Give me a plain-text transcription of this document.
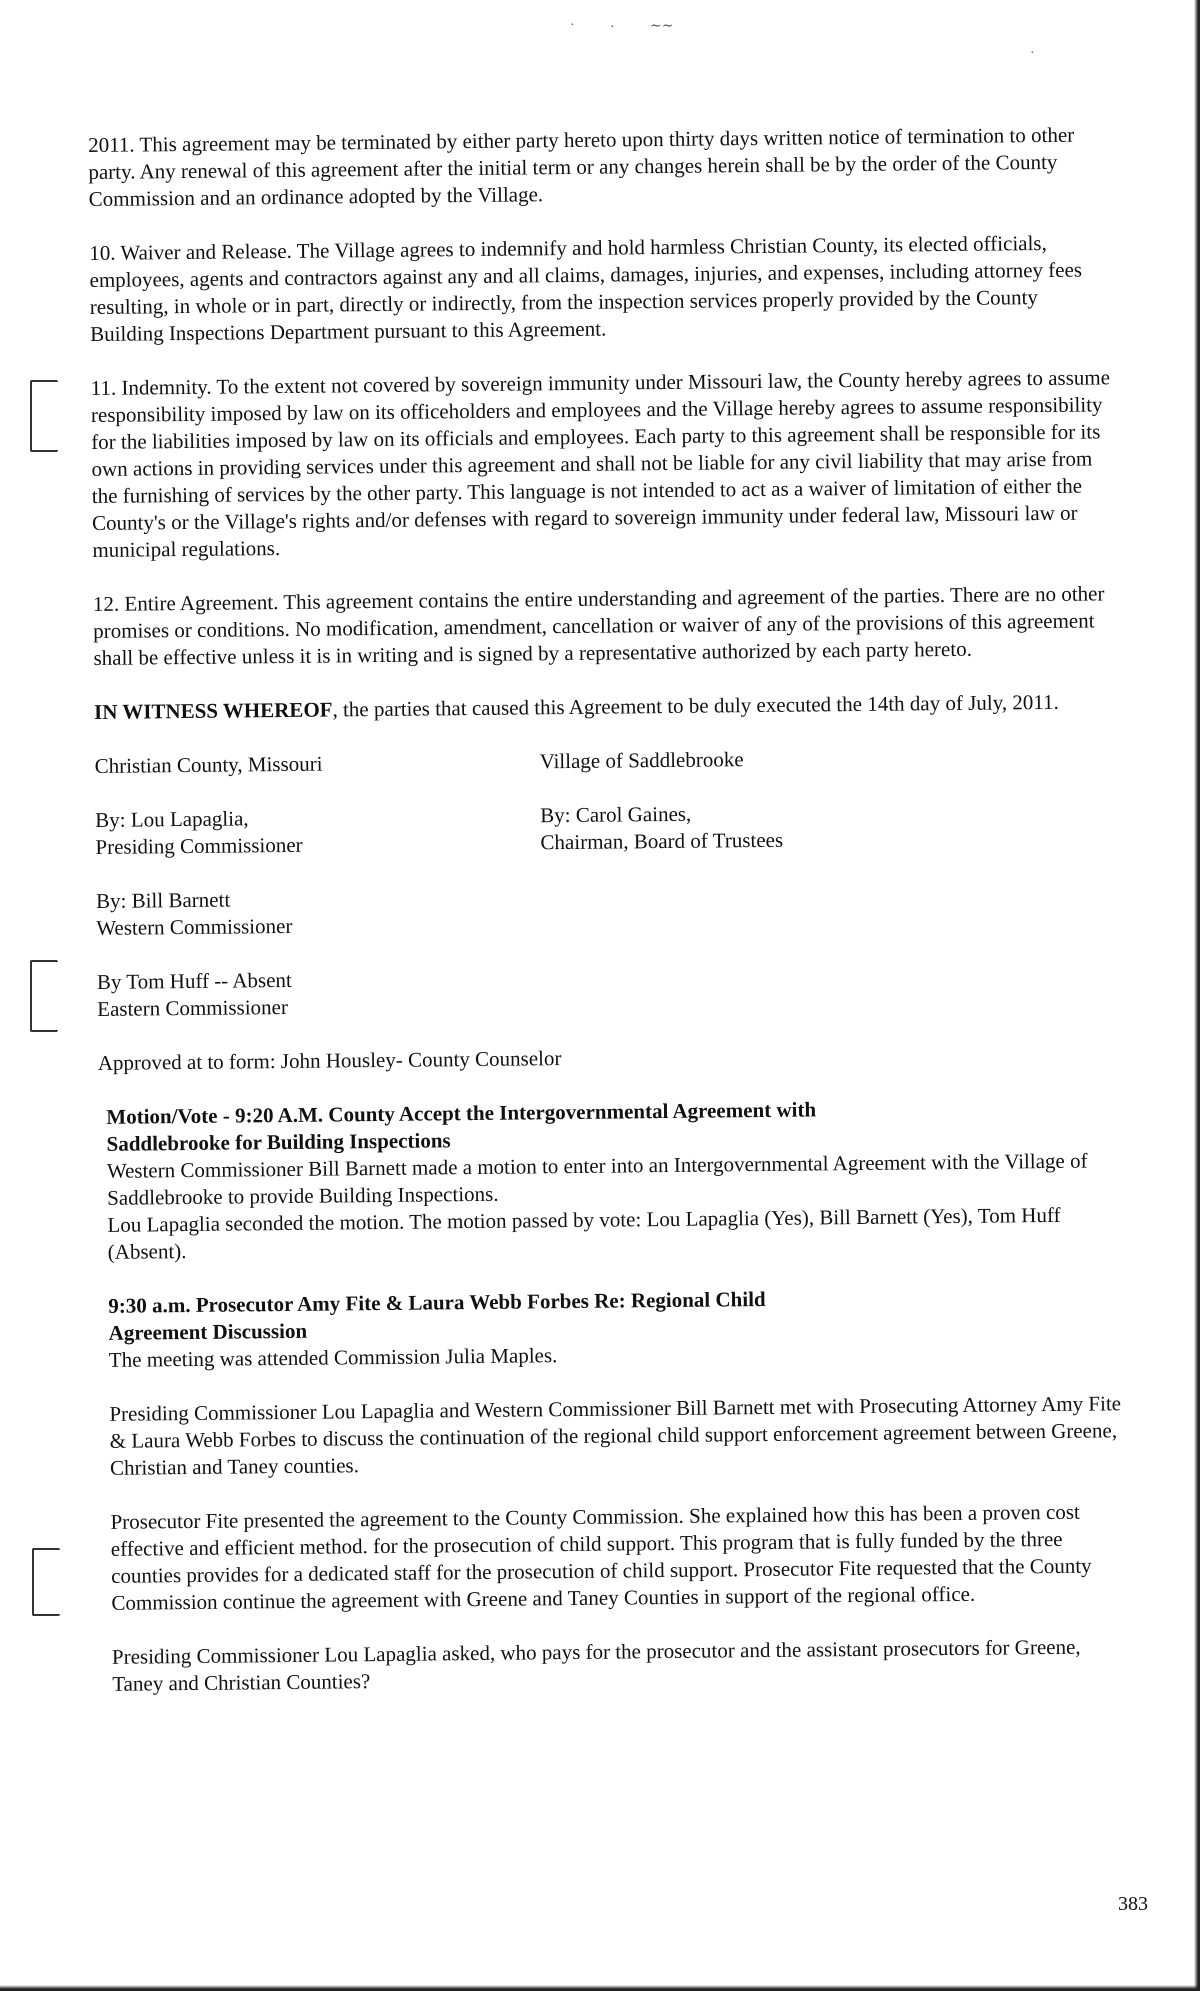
·	·	∼∼
·

2011. This agreement may be terminated by either party hereto upon thirty days written notice of termination to other party. Any renewal of this agreement after the initial term or any changes herein shall be by the order of the County Commission and an ordinance adopted by the Village.

10. Waiver and Release. The Village agrees to indemnify and hold harmless Christian County, its elected officials, employees, agents and contractors against any and all claims, damages, injuries, and expenses, including attorney fees resulting, in whole or in part, directly or indirectly, from the inspection services properly provided by the County Building Inspections Department pursuant to this Agreement.

11. Indemnity. To the extent not covered by sovereign immunity under Missouri law, the County hereby agrees to assume responsibility imposed by law on its officeholders and employees and the Village hereby agrees to assume responsibility for the liabilities imposed by law on its officials and employees. Each party to this agreement shall be responsible for its own actions in providing services under this agreement and shall not be liable for any civil liability that may arise from the furnishing of services by the other party. This language is not intended to act as a waiver of limitation of either the County's or the Village's rights and/or defenses with regard to sovereign immunity under federal law, Missouri law or municipal regulations.

12. Entire Agreement. This agreement contains the entire understanding and agreement of the parties. There are no other promises or conditions. No modification, amendment, cancellation or waiver of any of the provisions of this agreement shall be effective unless it is in writing and is signed by a representative authorized by each party hereto.

IN WITNESS WHEREOF, the parties that caused this Agreement to be duly executed the 14th day of July, 2011.

Christian County, Missouri	Village of Saddlebrooke
By: Lou Lapaglia,
Presiding Commissioner
By: Carol Gaines,
Chairman, Board of Trustees
By: Bill Barnett
Western Commissioner
By Tom Huff -- Absent
Eastern Commissioner

Approved at to form: John Housley- County Counselor

Motion/Vote - 9:20 A.M. County Accept the Intergovernmental Agreement with
Saddlebrooke for Building Inspections
Western Commissioner Bill Barnett made a motion to enter into an Intergovernmental Agreement with the Village of Saddlebrooke to provide Building Inspections.
Lou Lapaglia seconded the motion. The motion passed by vote: Lou Lapaglia (Yes), Bill Barnett (Yes), Tom Huff (Absent).

9:30 a.m. Prosecutor Amy Fite & Laura Webb Forbes Re: Regional Child
Agreement Discussion

The meeting was attended Commission Julia Maples.

Presiding Commissioner Lou Lapaglia and Western Commissioner Bill Barnett met with Prosecuting Attorney Amy Fite & Laura Webb Forbes to discuss the continuation of the regional child support enforcement agreement between Greene, Christian and Taney counties.

Prosecutor Fite presented the agreement to the County Commission. She explained how this has been a proven cost effective and efficient method. for the prosecution of child support. This program that is fully funded by the three counties provides for a dedicated staff for the prosecution of child support. Prosecutor Fite requested that the County Commission continue the agreement with Greene and Taney Counties in support of the regional office.

Presiding Commissioner Lou Lapaglia asked, who pays for the prosecutor and the assistant prosecutors for Greene, Taney and Christian Counties?

383
